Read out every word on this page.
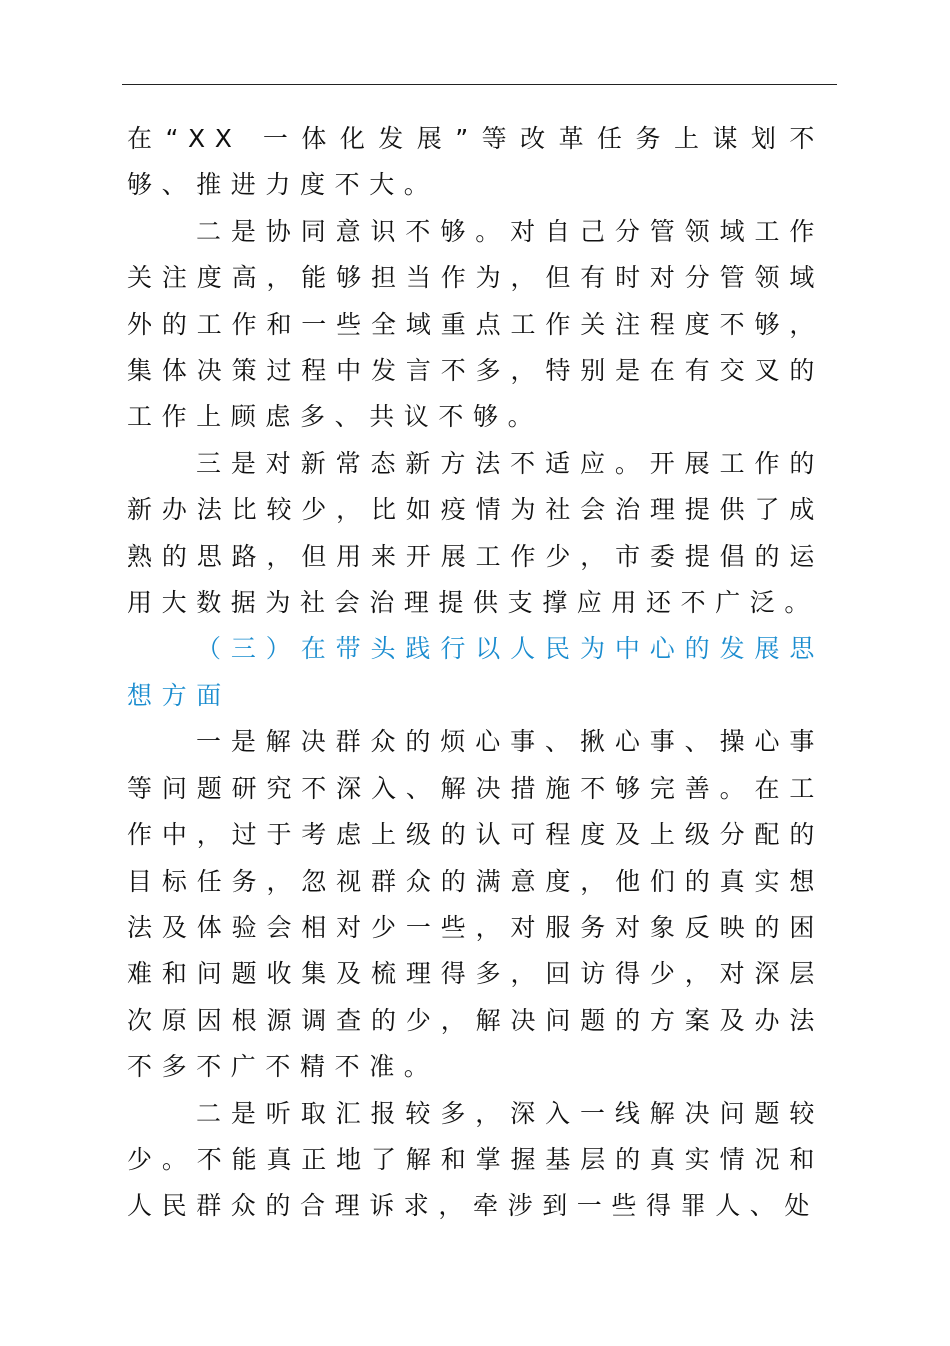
在“XX 一体化发展”等改革任务上谋划不够、推进力度不大。

二是协同意识不够。对自己分管领域工作关注度高，能够担当作为，但有时对分管领域外的工作和一些全域重点工作关注程度不够，集体决策过程中发言不多，特别是在有交叉的工作上顾虑多、共议不够。

三是对新常态新方法不适应。开展工作的新办法比较少，比如疫情为社会治理提供了成熟的思路，但用来开展工作少，市委提倡的运用大数据为社会治理提供支撑应用还不广泛。

（三）在带头践行以人民为中心的发展思想方面

一是解决群众的烦心事、揪心事、操心事等问题研究不深入、解决措施不够完善。在工作中，过于考虑上级的认可程度及上级分配的目标任务，忽视群众的满意度，他们的真实想法及体验会相对少一些，对服务对象反映的困难和问题收集及梳理得多，回访得少，对深层次原因根源调查的少，解决问题的方案及办法不多不广不精不准。

二是听取汇报较多，深入一线解决问题较少。不能真正地了解和掌握基层的真实情况和人民群众的合理诉求，牵涉到一些得罪人、处
